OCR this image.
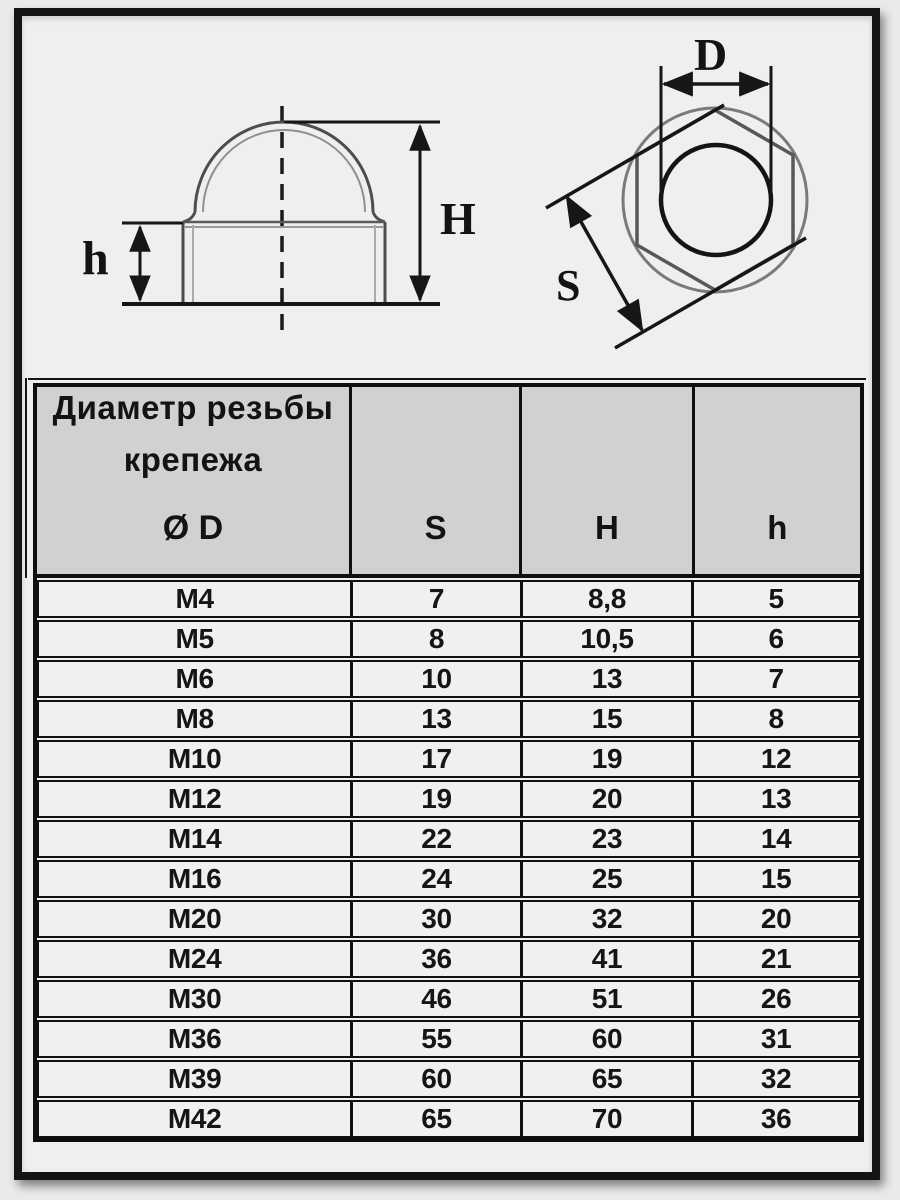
H
h
D
S
Диаметр резьбы
крепежа
Ø D	S	H	h
М4	7	8,8	5
М5	8	10,5	6
М6	10	13	7
М8	13	15	8
М10	17	19	12
М12	19	20	13
М14	22	23	14
М16	24	25	15
М20	30	32	20
М24	36	41	21
М30	46	51	26
М36	55	60	31
М39	60	65	32
М42	65	70	36
